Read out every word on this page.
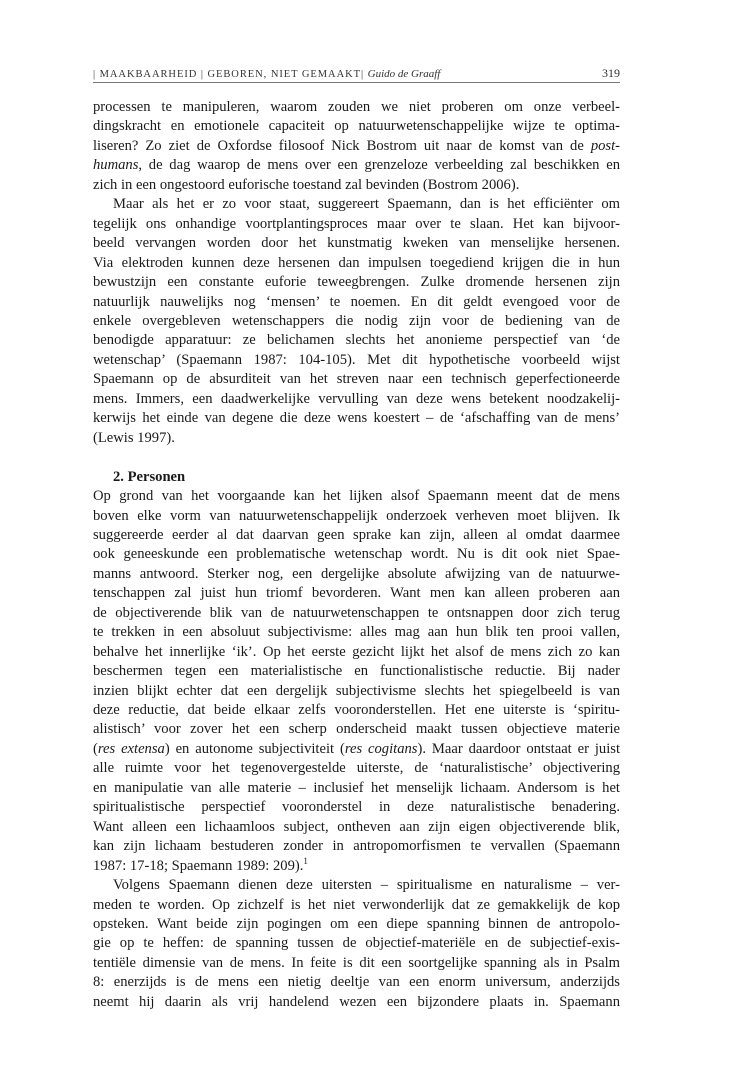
| MAAKBAARHEID | GEBOREN, NIET GEMAAKT| Guido de Graaff	319
processen te manipuleren, waarom zouden we niet proberen om onze verbeel-
dingskracht en emotionele capaciteit op natuurwetenschappelijke wijze te optima-
liseren? Zo ziet de Oxfordse filosoof Nick Bostrom uit naar de komst van de post-
humans, de dag waarop de mens over een grenzeloze verbeelding zal beschikken en
zich in een ongestoord euforische toestand zal bevinden (Bostrom 2006).
Maar als het er zo voor staat, suggereert Spaemann, dan is het efficiënter om
tegelijk ons onhandige voortplantingsproces maar over te slaan. Het kan bijvoor-
beeld vervangen worden door het kunstmatig kweken van menselijke hersenen.
Via elektroden kunnen deze hersenen dan impulsen toegediend krijgen die in hun
bewustzijn een constante euforie teweegbrengen. Zulke dromende hersenen zijn
natuurlijk nauwelijks nog ‘mensen’ te noemen. En dit geldt evengoed voor de
enkele overgebleven wetenschappers die nodig zijn voor de bediening van de
benodigde apparatuur: ze belichamen slechts het anonieme perspectief van ‘de
wetenschap’ (Spaemann 1987: 104-105). Met dit hypothetische voorbeeld wijst
Spaemann op de absurditeit van het streven naar een technisch geperfectioneerde
mens. Immers, een daadwerkelijke vervulling van deze wens betekent noodzakelij-
kerwijs het einde van degene die deze wens koestert – de ‘afschaffing van de mens’
(Lewis 1997).
2. Personen
Op grond van het voorgaande kan het lijken alsof Spaemann meent dat de mens
boven elke vorm van natuurwetenschappelijk onderzoek verheven moet blijven. Ik
suggereerde eerder al dat daarvan geen sprake kan zijn, alleen al omdat daarmee
ook geneeskunde een problematische wetenschap wordt. Nu is dit ook niet Spae-
manns antwoord. Sterker nog, een dergelijke absolute afwijzing van de natuurwe-
tenschappen zal juist hun triomf bevorderen. Want men kan alleen proberen aan
de objectiverende blik van de natuurwetenschappen te ontsnappen door zich terug
te trekken in een absoluut subjectivisme: alles mag aan hun blik ten prooi vallen,
behalve het innerlijke ‘ik’. Op het eerste gezicht lijkt het alsof de mens zich zo kan
beschermen tegen een materialistische en functionalistische reductie. Bij nader
inzien blijkt echter dat een dergelijk subjectivisme slechts het spiegelbeeld is van
deze reductie, dat beide elkaar zelfs vooronderstellen. Het ene uiterste is ‘spiritu-
alistisch’ voor zover het een scherp onderscheid maakt tussen objectieve materie
(res extensa) en autonome subjectiviteit (res cogitans). Maar daardoor ontstaat er juist
alle ruimte voor het tegenovergestelde uiterste, de ‘naturalistische’ objectivering
en manipulatie van alle materie – inclusief het menselijk lichaam. Andersom is het
spiritualistische perspectief vooronderstel in deze naturalistische benadering.
Want alleen een lichaamloos subject, ontheven aan zijn eigen objectiverende blik,
kan zijn lichaam bestuderen zonder in antropomorfismen te vervallen (Spaemann
1987: 17-18; Spaemann 1989: 209).$^1$
Volgens Spaemann dienen deze uitersten – spiritualisme en naturalisme – ver-
meden te worden. Op zichzelf is het niet verwonderlijk dat ze gemakkelijk de kop
opsteken. Want beide zijn pogingen om een diepe spanning binnen de antropolo-
gie op te heffen: de spanning tussen de objectief-materiële en de subjectief-exis-
tentiële dimensie van de mens. In feite is dit een soortgelijke spanning als in Psalm
8: enerzijds is de mens een nietig deeltje van een enorm universum, anderzijds
neemt hij daarin als vrij handelend wezen een bijzondere plaats in. Spaemann
